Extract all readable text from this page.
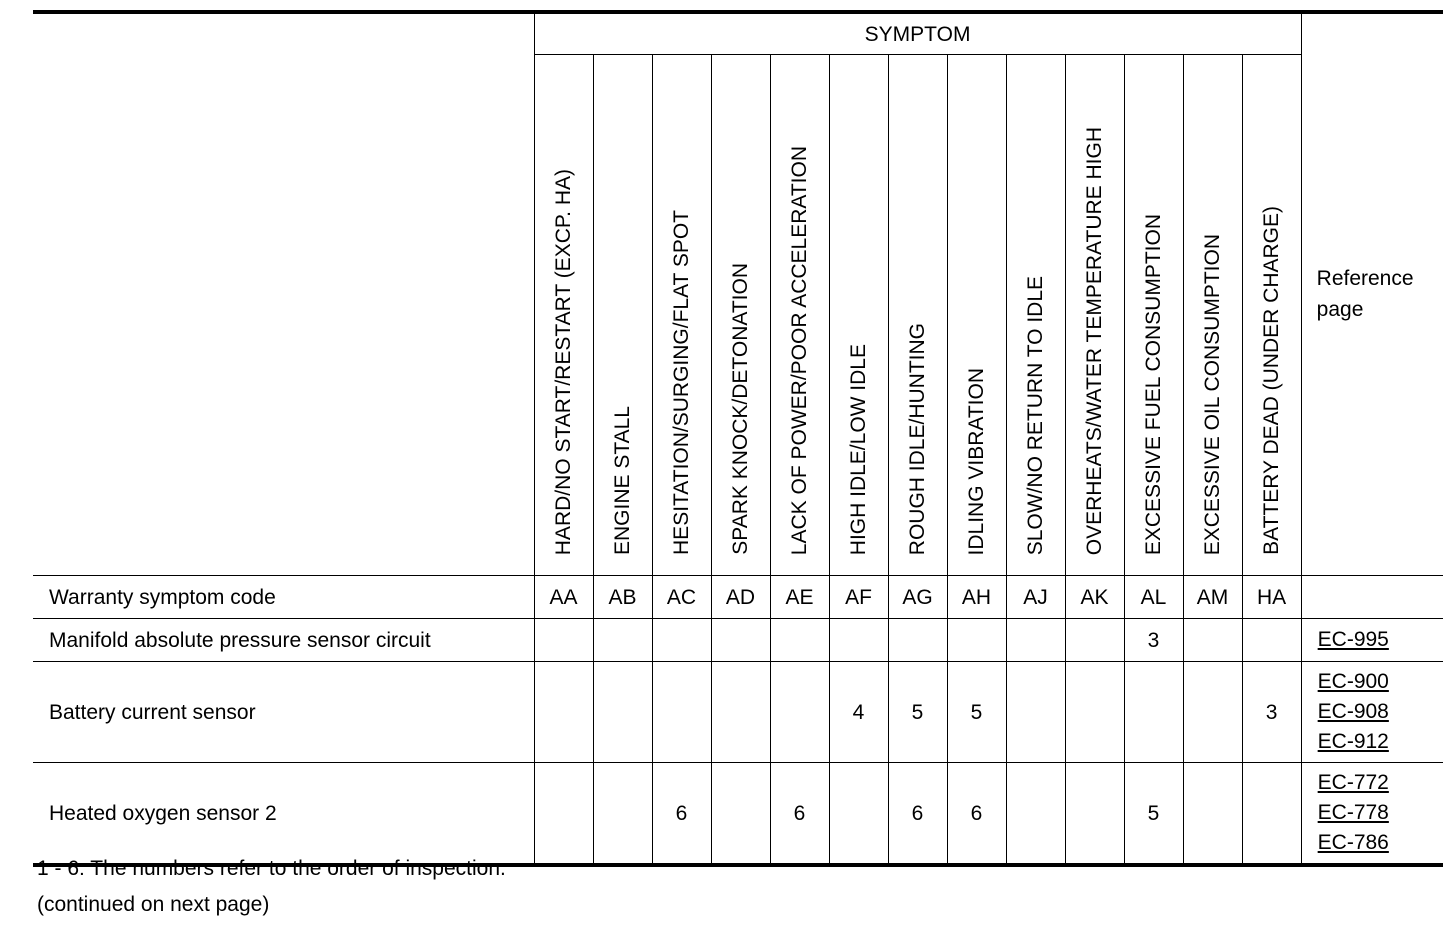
	SYMPTOM													Reference page
	HARD/NO START/RESTART (EXCP. HA)	ENGINE STALL	HESITATION/SURGING/FLAT SPOT	SPARK KNOCK/DETONATION	LACK OF POWER/POOR ACCELERATION	HIGH IDLE/LOW IDLE	ROUGH IDLE/HUNTING	IDLING VIBRATION	SLOW/NO RETURN TO IDLE	OVERHEATS/WATER TEMPERATURE HIGH	EXCESSIVE FUEL CONSUMPTION	EXCESSIVE OIL CONSUMPTION	BATTERY DEAD (UNDER CHARGE)	
Warranty symptom code	AA	AB	AC	AD	AE	AF	AG	AH	AJ	AK	AL	AM	HA	
Manifold absolute pressure sensor circuit											3			EC-995

Battery current sensor						4	5	5					3	EC-900
EC-908
EC-912

Heated oxygen sensor 2			6		6		6	6			5			EC-772
EC-778
EC-786
1 - 6: The numbers refer to the order of inspection.
(continued on next page)
